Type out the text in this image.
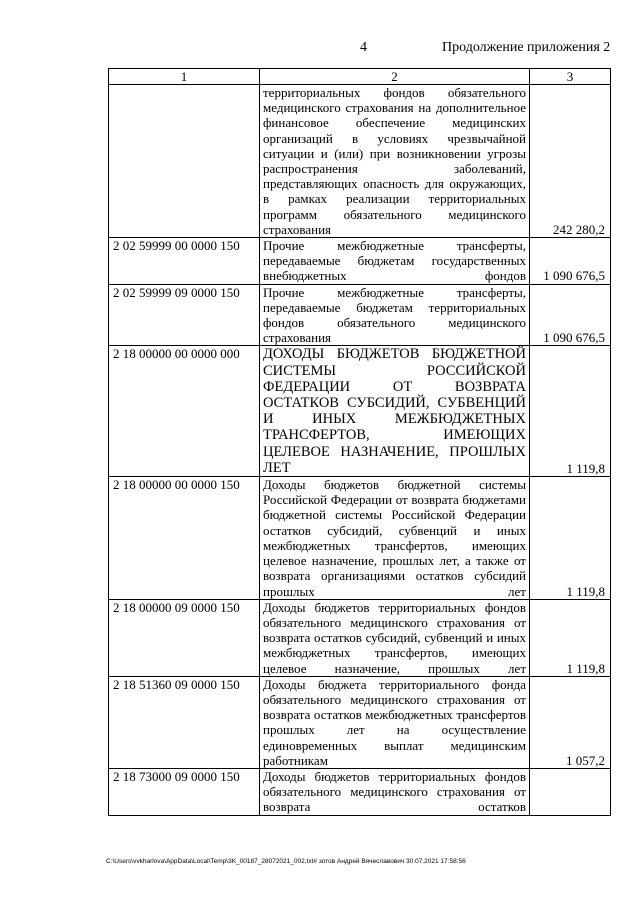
4	Продолжение приложения 2
1	2	3
	территориальных фондов обязательного медицинского страхования на дополнительное финансовое обеспечение медицинских организаций в условиях чрезвычайной ситуации и (или) при возникновении угрозы распространения заболеваний, представляющих опасность для окружающих, в рамках реализации территориальных программ обязательного медицинского страхования	242 280,2
2 02 59999 00 0000 150	Прочие межбюджетные трансферты, передаваемые бюджетам государственных внебюджетных фондов	1 090 676,5
2 02 59999 09 0000 150	Прочие межбюджетные трансферты, передаваемые бюджетам территориальных фондов обязательного медицинского страхования	1 090 676,5
2 18 00000 00 0000 000	ДОХОДЫ БЮДЖЕТОВ БЮДЖЕТНОЙ СИСТЕМЫ РОССИЙСКОЙ ФЕДЕРАЦИИ ОТ ВОЗВРАТА ОСТАТКОВ СУБСИДИЙ, СУБВЕНЦИЙ И ИНЫХ МЕЖБЮДЖЕТНЫХ ТРАНСФЕРТОВ, ИМЕЮЩИХ ЦЕЛЕВОЕ НАЗНАЧЕНИЕ, ПРОШЛЫХ ЛЕТ	1 119,8
2 18 00000 00 0000 150	Доходы бюджетов бюджетной системы Российской Федерации от возврата бюджетами бюджетной системы Российской Федерации остатков субсидий, субвенций и иных межбюджетных трансфертов, имеющих целевое назначение, прошлых лет, а также от возврата организациями остатков субсидий прошлых лет	1 119,8
2 18 00000 09 0000 150	Доходы бюджетов территориальных фондов обязательного медицинского страхования от возврата остатков субсидий, субвенций и иных межбюджетных трансфертов, имеющих целевое назначение, прошлых лет	1 119,8
2 18 51360 09 0000 150	Доходы бюджета территориального фонда обязательного медицинского страхования от возврата остатков межбюджетных трансфертов прошлых лет на осуществление единовременных выплат медицинским работникам	1 057,2
2 18 73000 09 0000 150	Доходы бюджетов территориальных фондов обязательного медицинского страхования от возврата остатков	
C:\Users\vvkharlova\AppData\Local\Temp\3K_00187_28072021_002.txt# зотов Андрей Вячеславович 30.07.2021 17:58:56
